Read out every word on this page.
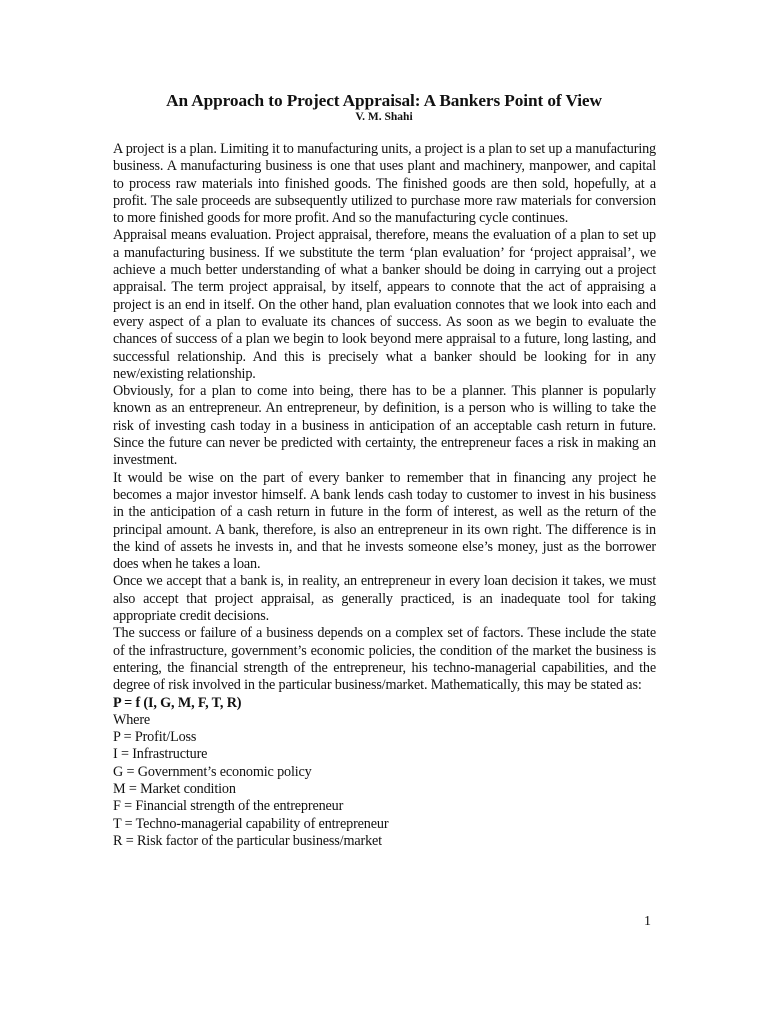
An Approach to Project Appraisal: A Bankers Point of View
V. M. Shahi

A project is a plan. Limiting it to manufacturing units, a project is a plan to set up a manufacturing business. A manufacturing business is one that uses plant and machinery, manpower, and capital to process raw materials into finished goods. The finished goods are then sold, hopefully, at a profit. The sale proceeds are subsequently utilized to purchase more raw materials for conversion to more finished goods for more profit. And so the manufacturing cycle continues.

Appraisal means evaluation. Project appraisal, therefore, means the evaluation of a plan to set up a manufacturing business. If we substitute the term ‘plan evaluation’ for ‘project appraisal’, we achieve a much better understanding of what a banker should be doing in carrying out a project appraisal. The term project appraisal, by itself, appears to connote that the act of appraising a project is an end in itself. On the other hand, plan evaluation connotes that we look into each and every aspect of a plan to evaluate its chances of success. As soon as we begin to evaluate the chances of success of a plan we begin to look beyond mere appraisal to a future, long lasting, and successful relationship. And this is precisely what a banker should be looking for in any new/existing relationship.

Obviously, for a plan to come into being, there has to be a planner. This planner is popularly known as an entrepreneur. An entrepreneur, by definition, is a person who is willing to take the risk of investing cash today in a business in anticipation of an acceptable cash return in future. Since the future can never be predicted with certainty, the entrepreneur faces a risk in making an investment.

It would be wise on the part of every banker to remember that in financing any project he becomes a major investor himself. A bank lends cash today to customer to invest in his business in the anticipation of a cash return in future in the form of interest, as well as the return of the principal amount. A bank, therefore, is also an entrepreneur in its own right. The difference is in the kind of assets he invests in, and that he invests someone else’s money, just as the borrower does when he takes a loan.

Once we accept that a bank is, in reality, an entrepreneur in every loan decision it takes, we must also accept that project appraisal, as generally practiced, is an inadequate tool for taking appropriate credit decisions.

The success or failure of a business depends on a complex set of factors. These include the state of the infrastructure, government’s economic policies, the condition of the market the business is entering, the financial strength of the entrepreneur, his techno-managerial capabilities, and the degree of risk involved in the particular business/market. Mathematically, this may be stated as:

P = f (I, G, M, F, T, R)

Where

P = Profit/Loss

I = Infrastructure

G = Government’s economic policy

M = Market condition

F = Financial strength of the entrepreneur

T = Techno-managerial capability of entrepreneur

R = Risk factor of the particular business/market

1
